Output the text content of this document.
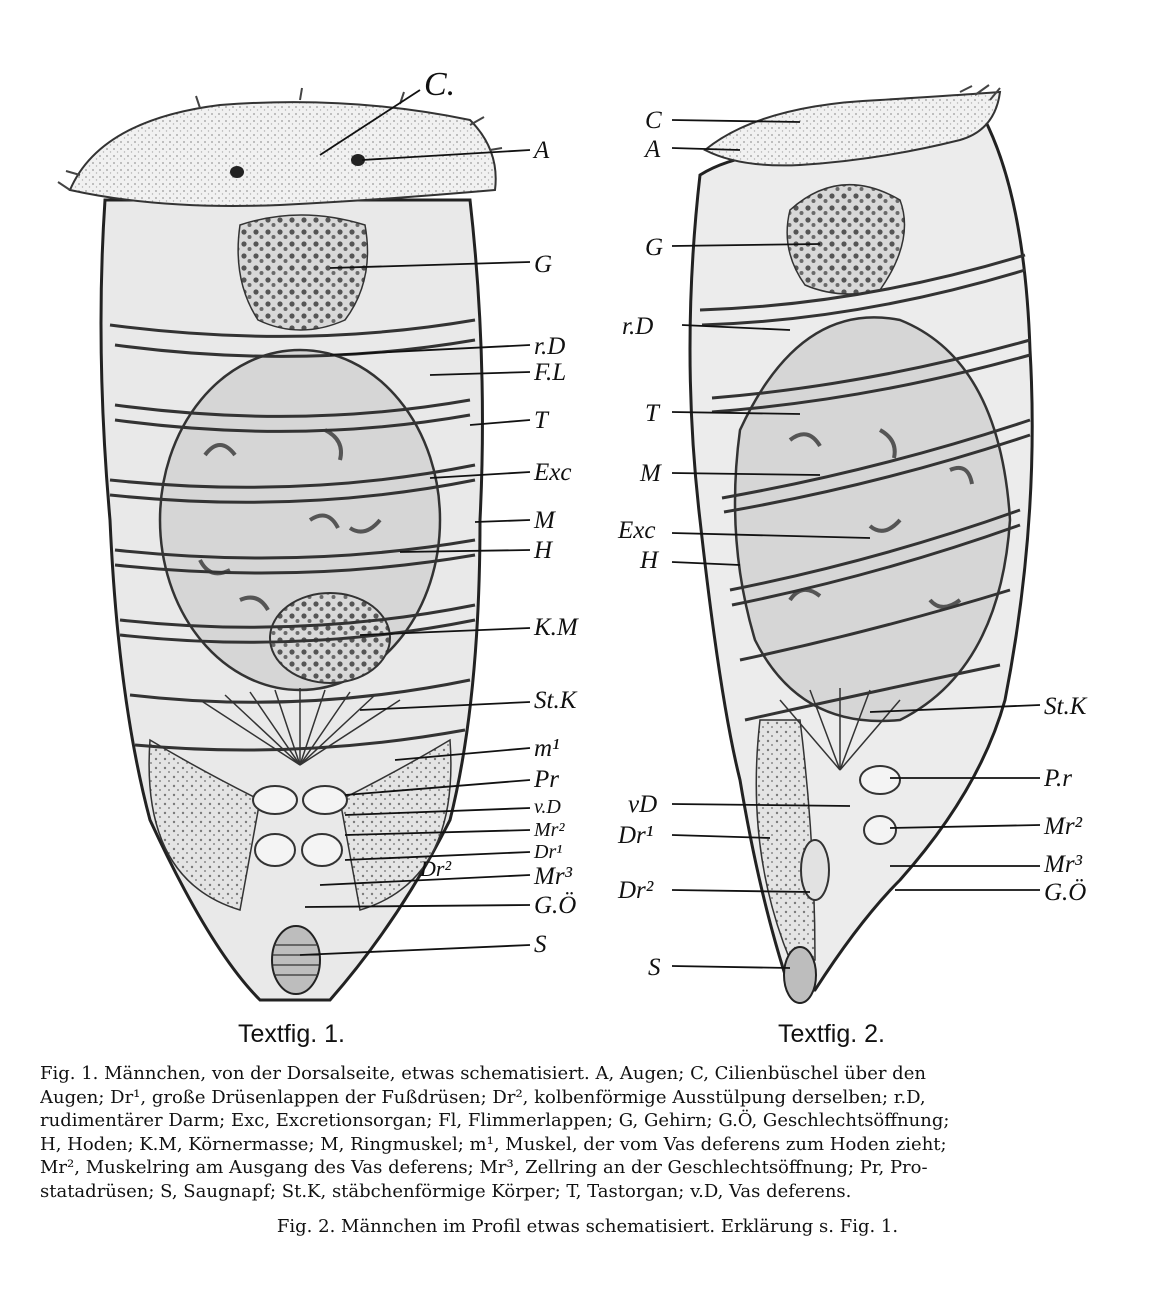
C.
A
G
r.D
F.L
T
Exc
M
H
K.M
St.K
m¹
Pr
v.D
Mr²
Dr¹
Dr²	Mr³
G.Ö
S
C
A
G
r.D
T
M
Exc
H
St.K
P.r
vD
Dr¹	Mr²
Mr³
Dr²	G.Ö
S

Textfig. 1.	Textfig. 2.

Fig. 1. Männchen, von der Dorsalseite, etwas schematisiert. A, Augen; C, Cilienbüschel über den
Augen; Dr¹, große Drüsenlappen der Fußdrüsen; Dr², kolbenförmige Ausstülpung derselben; r.D,
rudimentärer Darm; Exc, Excretionsorgan; Fl, Flimmerlappen; G, Gehirn; G.Ö, Geschlechtsöffnung;
H, Hoden; K.M, Körnermasse; M, Ringmuskel; m¹, Muskel, der vom Vas deferens zum Hoden zieht;
Mr², Muskelring am Ausgang des Vas deferens; Mr³, Zellring an der Geschlechtsöffnung; Pr, Pro-
statadrüsen; S, Saugnapf; St.K, stäbchenförmige Körper; T, Tastorgan; v.D, Vas deferens.

Fig. 2. Männchen im Profil etwas schematisiert. Erklärung s. Fig. 1.
